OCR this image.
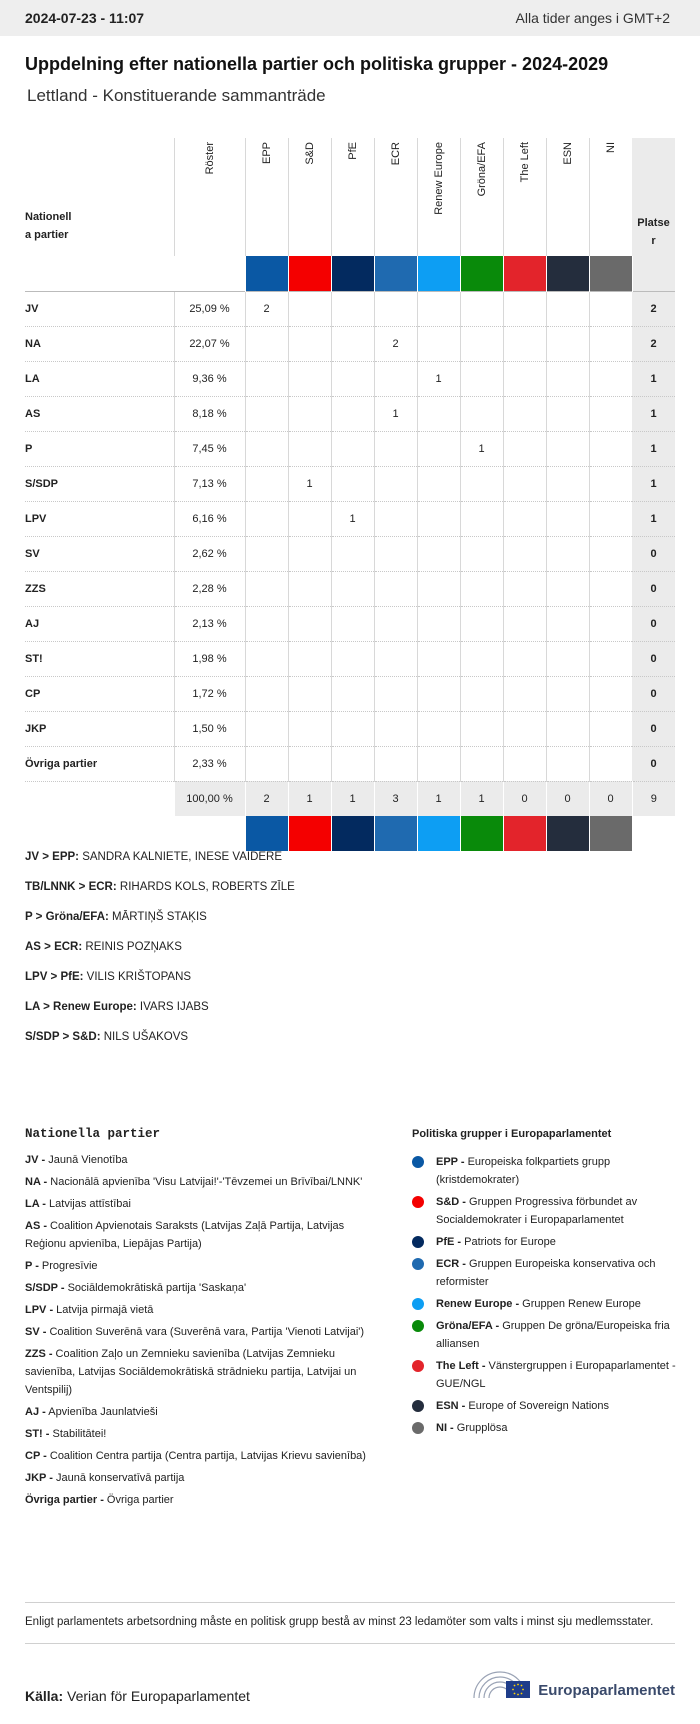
2024-07-23 - 11:07	Alla tider anges i GMT+2
Uppdelning efter nationella partier och politiska grupper - 2024-2029
Lettland - Konstituerande sammanträde
Nationell
a partier	Röster	EPP	S&D	PfE	ECR	Renew Europe	Gröna/EFA	The Left	ESN	NI	Platse
r

JV	25,09 %	2									2
NA	22,07 %				2						2
LA	9,36 %					1					1
AS	8,18 %				1						1
P	7,45 %						1				1
S/SDP	7,13 %		1								1
LPV	6,16 %			1							1
SV	2,62 %										0
ZZS	2,28 %										0
AJ	2,13 %										0
ST!	1,98 %										0
CP	1,72 %										0
JKP	1,50 %										0
Övriga partier	2,33 %										0
	100,00 %	2	1	1	3	1	1	0	0	0	9

JV > EPP: SANDRA KALNIETE, INESE VAIDERE
TB/LNNK > ECR: RIHARDS KOLS, ROBERTS ZĪLE
P > Gröna/EFA: MĀRTIŅŠ STAĶIS
AS > ECR: REINIS POZŅAKS
LPV > PfE: VILIS KRIŠTOPANS
LA > Renew Europe: IVARS IJABS
S/SDP > S&D: NILS UŠAKOVS
Nationella partier
JV - Jaunā Vienotība
NA - Nacionālā apvienība 'Visu Latvijai!'-'Tēvzemei un Brīvībai/LNNK'
LA - Latvijas attīstībai
AS - Coalition Apvienotais Saraksts (Latvijas Zaļā Partija, Latvijas Reģionu apvienība, Liepājas Partija)
P - Progresīvie
S/SDP - Sociāldemokrātiskā partija 'Saskaņa'
LPV - Latvija pirmajā vietā
SV - Coalition Suverēnā vara (Suverēnā vara, Partija 'Vienoti Latvijai')
ZZS - Coalition Zaļo un Zemnieku savienība (Latvijas Zemnieku savienība, Latvijas Sociāldemokrātiskā strādnieku partija, Latvijai un Ventspilij)
AJ - Apvienība Jaunlatvieši
ST! - Stabilitātei!
CP - Coalition Centra partija (Centra partija, Latvijas Krievu savienība)
JKP - Jaunā konservatīvā partija
Övriga partier - Övriga partier
Politiska grupper i Europaparlamentet
EPP - Europeiska folkpartiets grupp (kristdemokrater)
S&D - Gruppen Progressiva förbundet av Socialdemokrater i Europaparlamentet
PfE - Patriots for Europe
ECR - Gruppen Europeiska konservativa och reformister
Renew Europe - Gruppen Renew Europe
Gröna/EFA - Gruppen De gröna/Europeiska fria alliansen
The Left - Vänstergruppen i Europaparlamentet - GUE/NGL
ESN - Europe of Sovereign Nations
NI - Grupplösa
Enligt parlamentets arbetsordning måste en politisk grupp bestå av minst 23 ledamöter som valts i minst sju medlemsstater.
Källa: Verian för Europaparlamentet	Europaparlamentet
